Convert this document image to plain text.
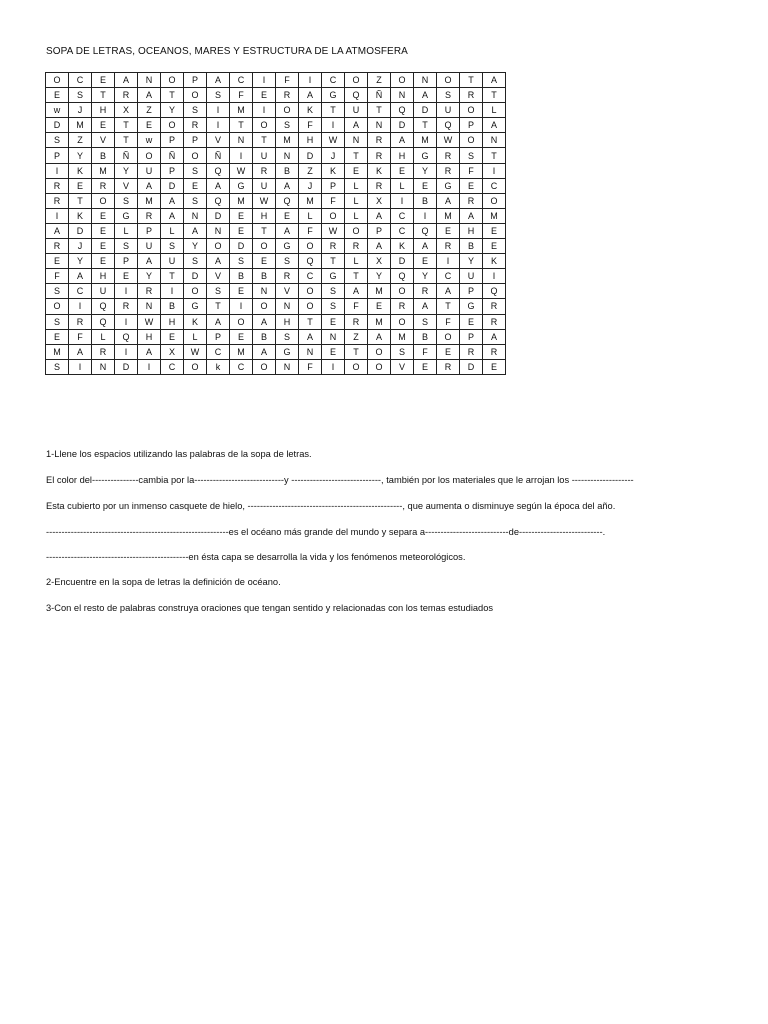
SOPA DE LETRAS, OCEANOS, MARES Y ESTRUCTURA DE LA ATMOSFERA
O	C	E	A	N	O	P	A	C	I	F	I	C	O	Z	O	N	O	T	A
E	S	T	R	A	T	O	S	F	E	R	A	G	Q	Ñ	N	A	S	R	T
w	J	H	X	Z	Y	S	I	M	I	O	K	T	U	T	Q	D	U	O	L
D	M	E	T	E	O	R	I	T	O	S	F	I	A	N	D	T	Q	P	A
S	Z	V	T	w	P	P	V	N	T	M	H	W	N	R	A	M	W	O	N
P	Y	B	Ñ	O	Ñ	O	Ñ	I	U	N	D	J	T	R	H	G	R	S	T
I	K	M	Y	U	P	S	Q	W	R	B	Z	K	E	K	E	Y	R	F	I
R	E	R	V	A	D	E	A	G	U	A	J	P	L	R	L	E	G	E	C
R	T	O	S	M	A	S	Q	M	W	Q	M	F	L	X	I	B	A	R	O
I	K	E	G	R	A	N	D	E	H	E	L	O	L	A	C	I	M	A	M
A	D	E	L	P	L	A	N	E	T	A	F	W	O	P	C	Q	E	H	E
R	J	E	S	U	S	Y	O	D	O	G	O	R	R	A	K	A	R	B	E
E	Y	E	P	A	U	S	A	S	E	S	Q	T	L	X	D	E	I	Y	K
F	A	H	E	Y	T	D	V	B	B	R	C	G	T	Y	Q	Y	C	U	I
S	C	U	I	R	I	O	S	E	N	V	O	S	A	M	O	R	A	P	Q
O	I	Q	R	N	B	G	T	I	O	N	O	S	F	E	R	A	T	G	R
S	R	Q	I	W	H	K	A	O	A	H	T	E	R	M	O	S	F	E	R
E	F	L	Q	H	E	L	P	E	B	S	A	N	Z	A	M	B	O	P	A
M	A	R	I	A	X	W	C	M	A	G	N	E	T	O	S	F	E	R	R
S	I	N	D	I	C	O	k	C	O	N	F	I	O	O	V	E	R	D	E
1-Llene los espacios utilizando las palabras de la sopa de letras.
El color del---------------cambia por la-----------------------------y -----------------------------, también por los materiales que le arrojan los --------------------
Esta cubierto por un inmenso casquete de hielo, --------------------------------------------------, que aumenta o disminuye según la época del año.
-----------------------------------------------------------es el océano más grande del mundo y separa a---------------------------de---------------------------.
----------------------------------------------en ésta capa se desarrolla la vida y los fenómenos meteorológicos.
2-Encuentre en la sopa de letras la definición de océano.
3-Con el resto de palabras construya oraciones que tengan sentido y relacionadas con los temas estudiados
